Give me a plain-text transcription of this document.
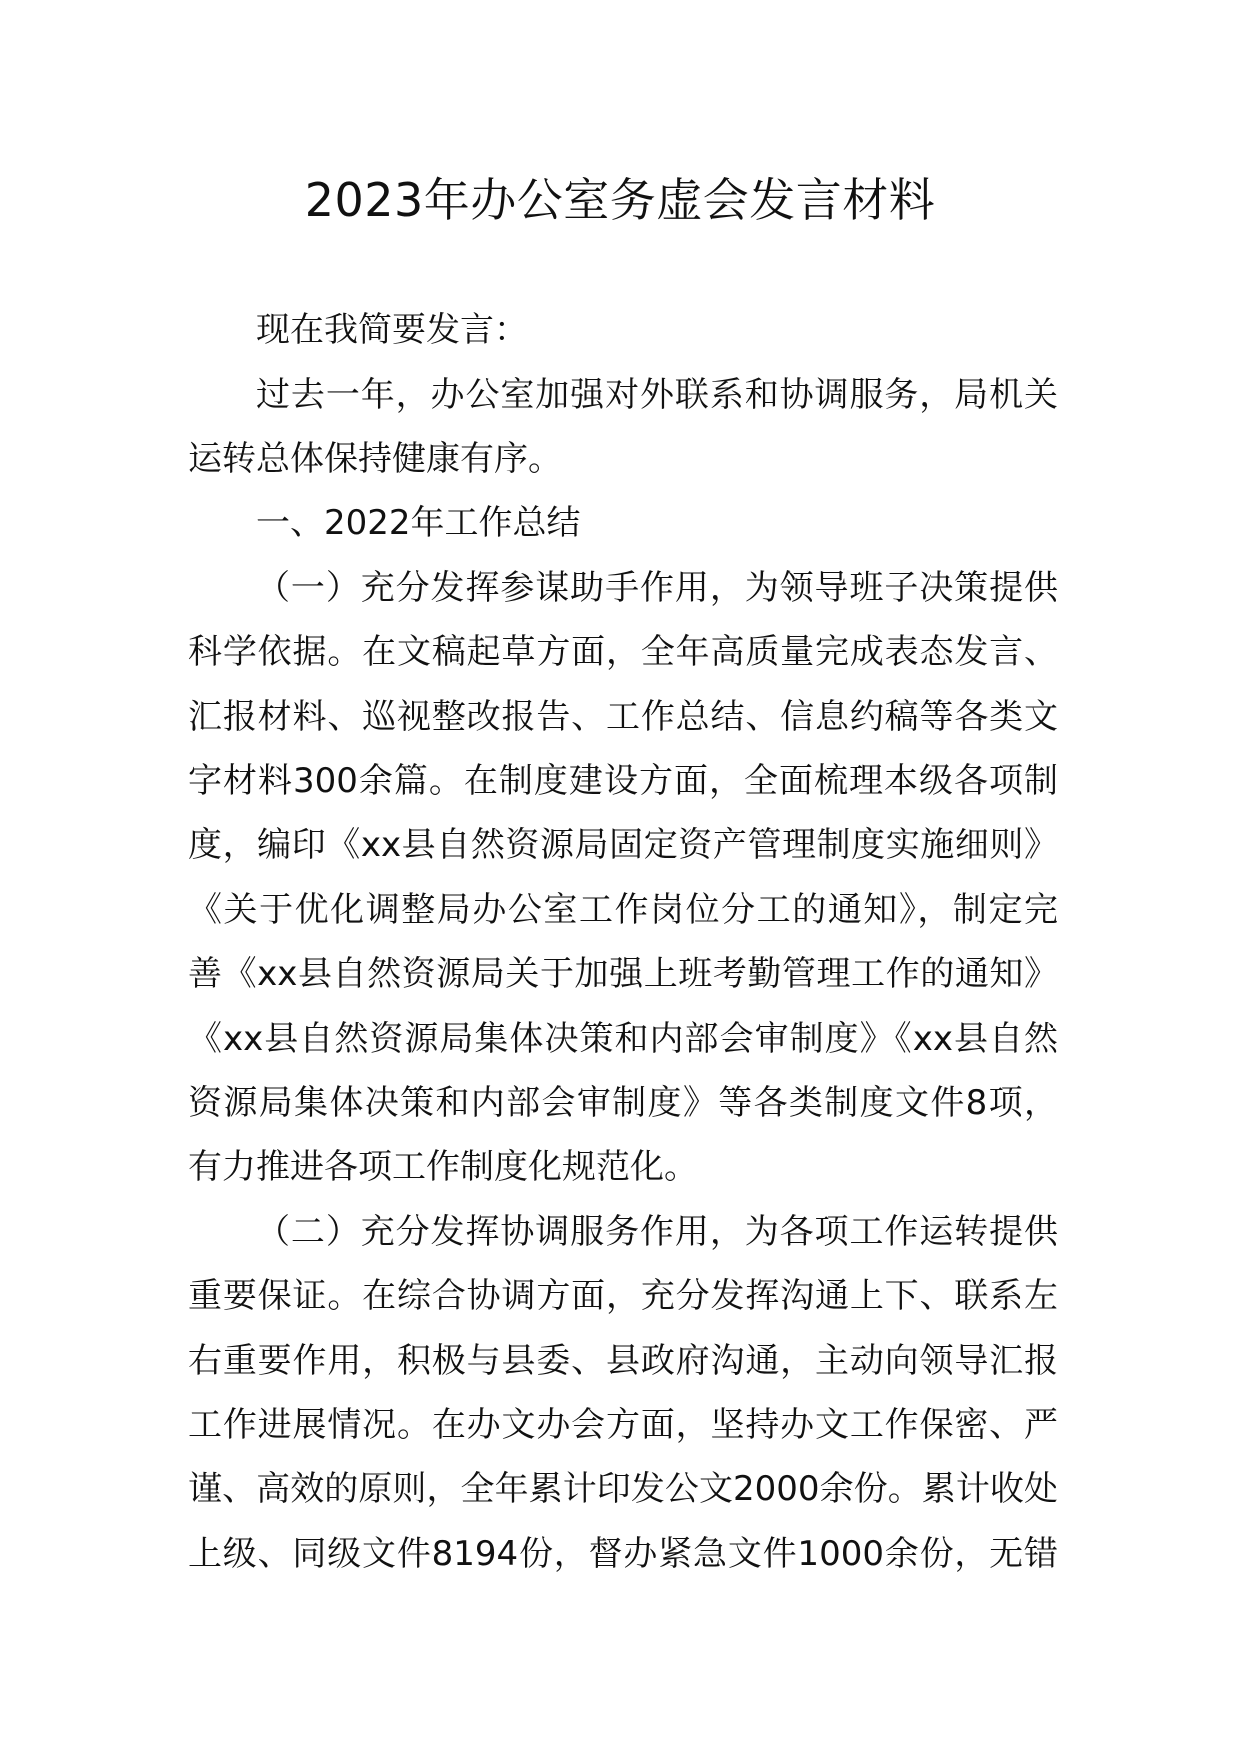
2023年办公室务虚会发言材料
现在我简要发言：
过去一年，办公室加强对外联系和协调服务，局机关
运转总体保持健康有序。
一、2022年工作总结
（一）充分发挥参谋助手作用，为领导班子决策提供
科学依据。在文稿起草方面，全年高质量完成表态发言、
汇报材料、巡视整改报告、工作总结、信息约稿等各类文
字材料300余篇。在制度建设方面，全面梳理本级各项制
度，编印《xx县自然资源局固定资产管理制度实施细则》
《关于优化调整局办公室工作岗位分工的通知》，制定完
善《xx县自然资源局关于加强上班考勤管理工作的通知》
《xx县自然资源局集体决策和内部会审制度》《xx县自然
资源局集体决策和内部会审制度》等各类制度文件8项，
有力推进各项工作制度化规范化。
（二）充分发挥协调服务作用，为各项工作运转提供
重要保证。在综合协调方面，充分发挥沟通上下、联系左
右重要作用，积极与县委、县政府沟通，主动向领导汇报
工作进展情况。在办文办会方面，坚持办文工作保密、严
谨、高效的原则，全年累计印发公文2000余份。累计收处
上级、同级文件8194份，督办紧急文件1000余份，无错
